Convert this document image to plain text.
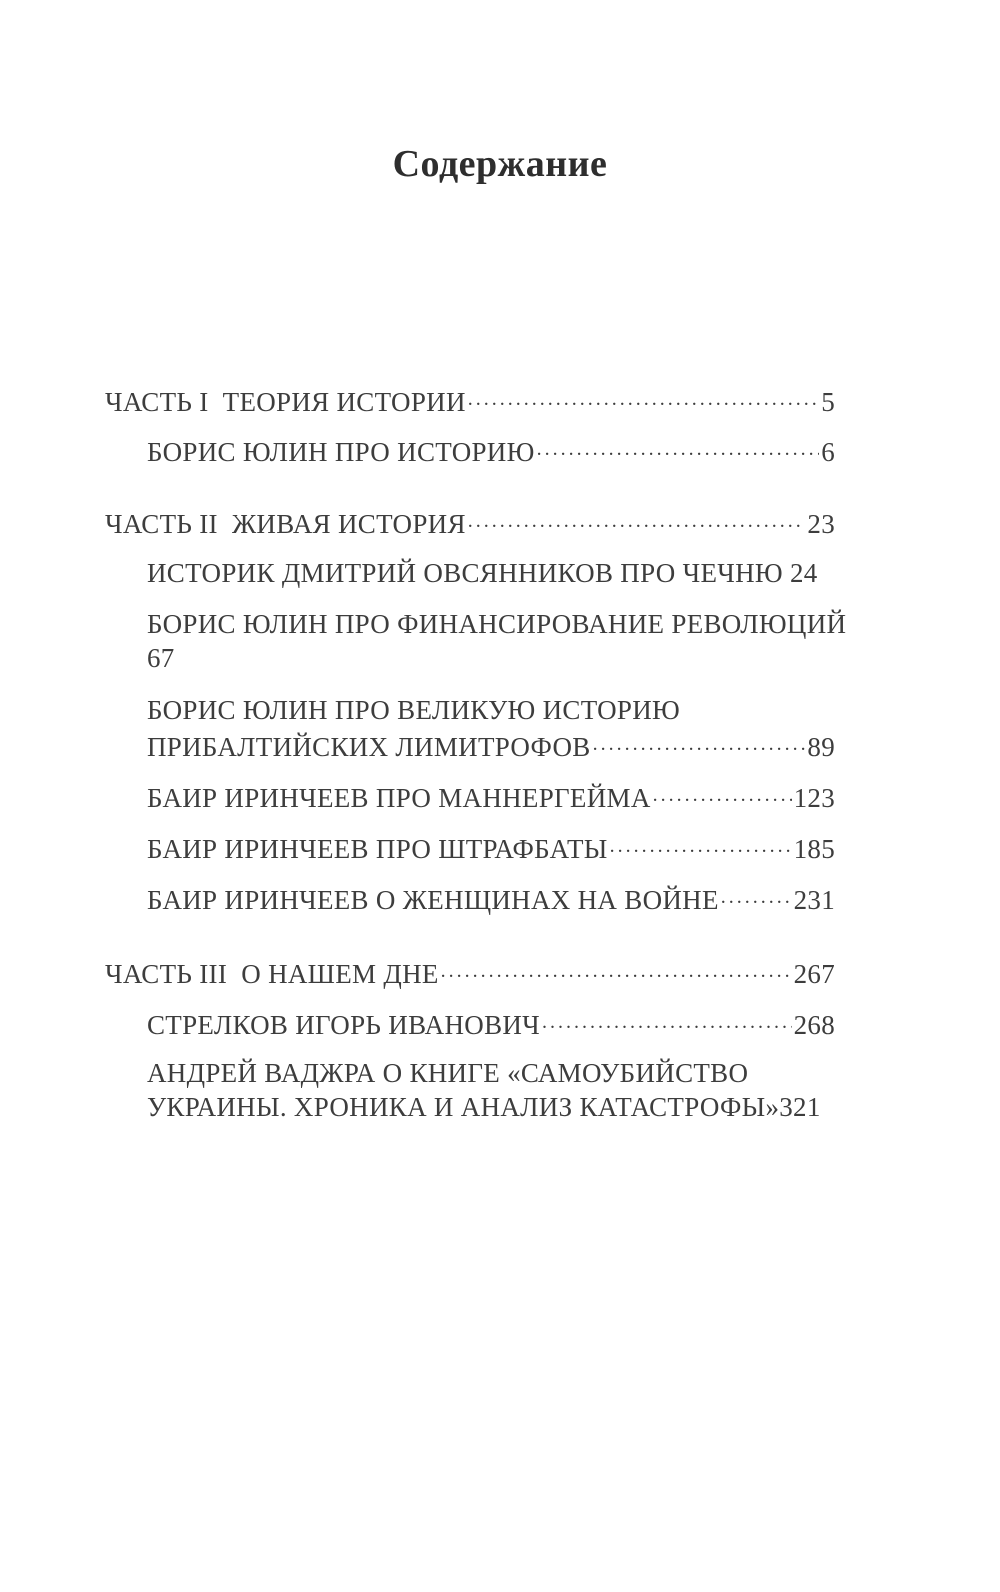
Содержание
ЧАСТЬ I  ТЕОРИЯ ИСТОРИИ . . .	5
БОРИС ЮЛИН ПРО ИСТОРИЮ . . .	6
ЧАСТЬ II  ЖИВАЯ ИСТОРИЯ . . .	23
ИСТОРИК ДМИТРИЙ ОВСЯННИКОВ ПРО ЧЕЧНЮ 24
БОРИС ЮЛИН ПРО ФИНАНСИРОВАНИЕ РЕВОЛЮЦИЙ
67
БОРИС ЮЛИН ПРО ВЕЛИКУЮ ИСТОРИЮ
ПРИБАЛТИЙСКИХ ЛИМИТРОФОВ . . .	89
БАИР ИРИНЧЕЕВ ПРО МАННЕРГЕЙМА . . .	123
БАИР ИРИНЧЕЕВ ПРО ШТРАФБАТЫ . . .	185
БАИР ИРИНЧЕЕВ О ЖЕНЩИНАХ НА ВОЙНЕ . . .	231
ЧАСТЬ III  О НАШЕМ ДНЕ . . .	267
СТРЕЛКОВ ИГОРЬ ИВАНОВИЧ . . .	268
АНДРЕЙ ВАДЖРА О КНИГЕ «САМОУБИЙСТВО
УКРАИНЫ. ХРОНИКА И АНАЛИЗ КАТАСТРОФЫ»321
